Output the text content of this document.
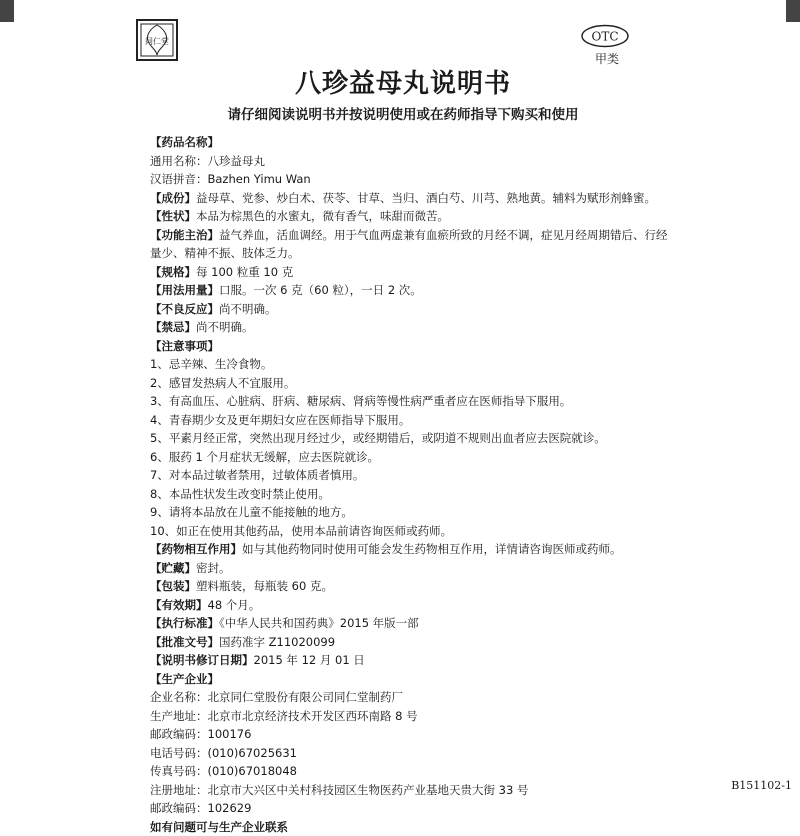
同仁堂	OTC
甲类
八珍益母丸说明书
请仔细阅读说明书并按说明使用或在药师指导下购买和使用
【药品名称】
通用名称：八珍益母丸
汉语拼音：Bazhen Yimu Wan
【成份】益母草、党参、炒白术、茯苓、甘草、当归、酒白芍、川芎、熟地黄。辅料为赋形剂蜂蜜。
【性状】本品为棕黑色的水蜜丸，微有香气，味甜而微苦。
【功能主治】益气养血，活血调经。用于气血两虚兼有血瘀所致的月经不调，症见月经周期错后、行经量少、精神不振、肢体乏力。
【规格】每 100 粒重 10 克
【用法用量】口服。一次 6 克（60 粒），一日 2 次。
【不良反应】尚不明确。
【禁忌】尚不明确。
【注意事项】
1、忌辛辣、生冷食物。
2、感冒发热病人不宜服用。
3、有高血压、心脏病、肝病、糖尿病、肾病等慢性病严重者应在医师指导下服用。
4、青春期少女及更年期妇女应在医师指导下服用。
5、平素月经正常，突然出现月经过少，或经期错后，或阴道不规则出血者应去医院就诊。
6、服药 1 个月症状无缓解，应去医院就诊。
7、对本品过敏者禁用，过敏体质者慎用。
8、本品性状发生改变时禁止使用。
9、请将本品放在儿童不能接触的地方。
10、如正在使用其他药品，使用本品前请咨询医师或药师。
【药物相互作用】如与其他药物同时使用可能会发生药物相互作用，详情请咨询医师或药师。
【贮藏】密封。
【包装】塑料瓶装，每瓶装 60 克。
【有效期】48 个月。
【执行标准】《中华人民共和国药典》2015 年版一部
【批准文号】国药准字 Z11020099
【说明书修订日期】2015 年 12 月 01 日
【生产企业】
企业名称：北京同仁堂股份有限公司同仁堂制药厂
生产地址：北京市北京经济技术开发区西环南路 8 号
邮政编码：100176
电话号码：(010)67025631
传真号码：(010)67018048
注册地址：北京市大兴区中关村科技园区生物医药产业基地天贵大街 33 号
邮政编码：102629
如有问题可与生产企业联系
B151102-1
